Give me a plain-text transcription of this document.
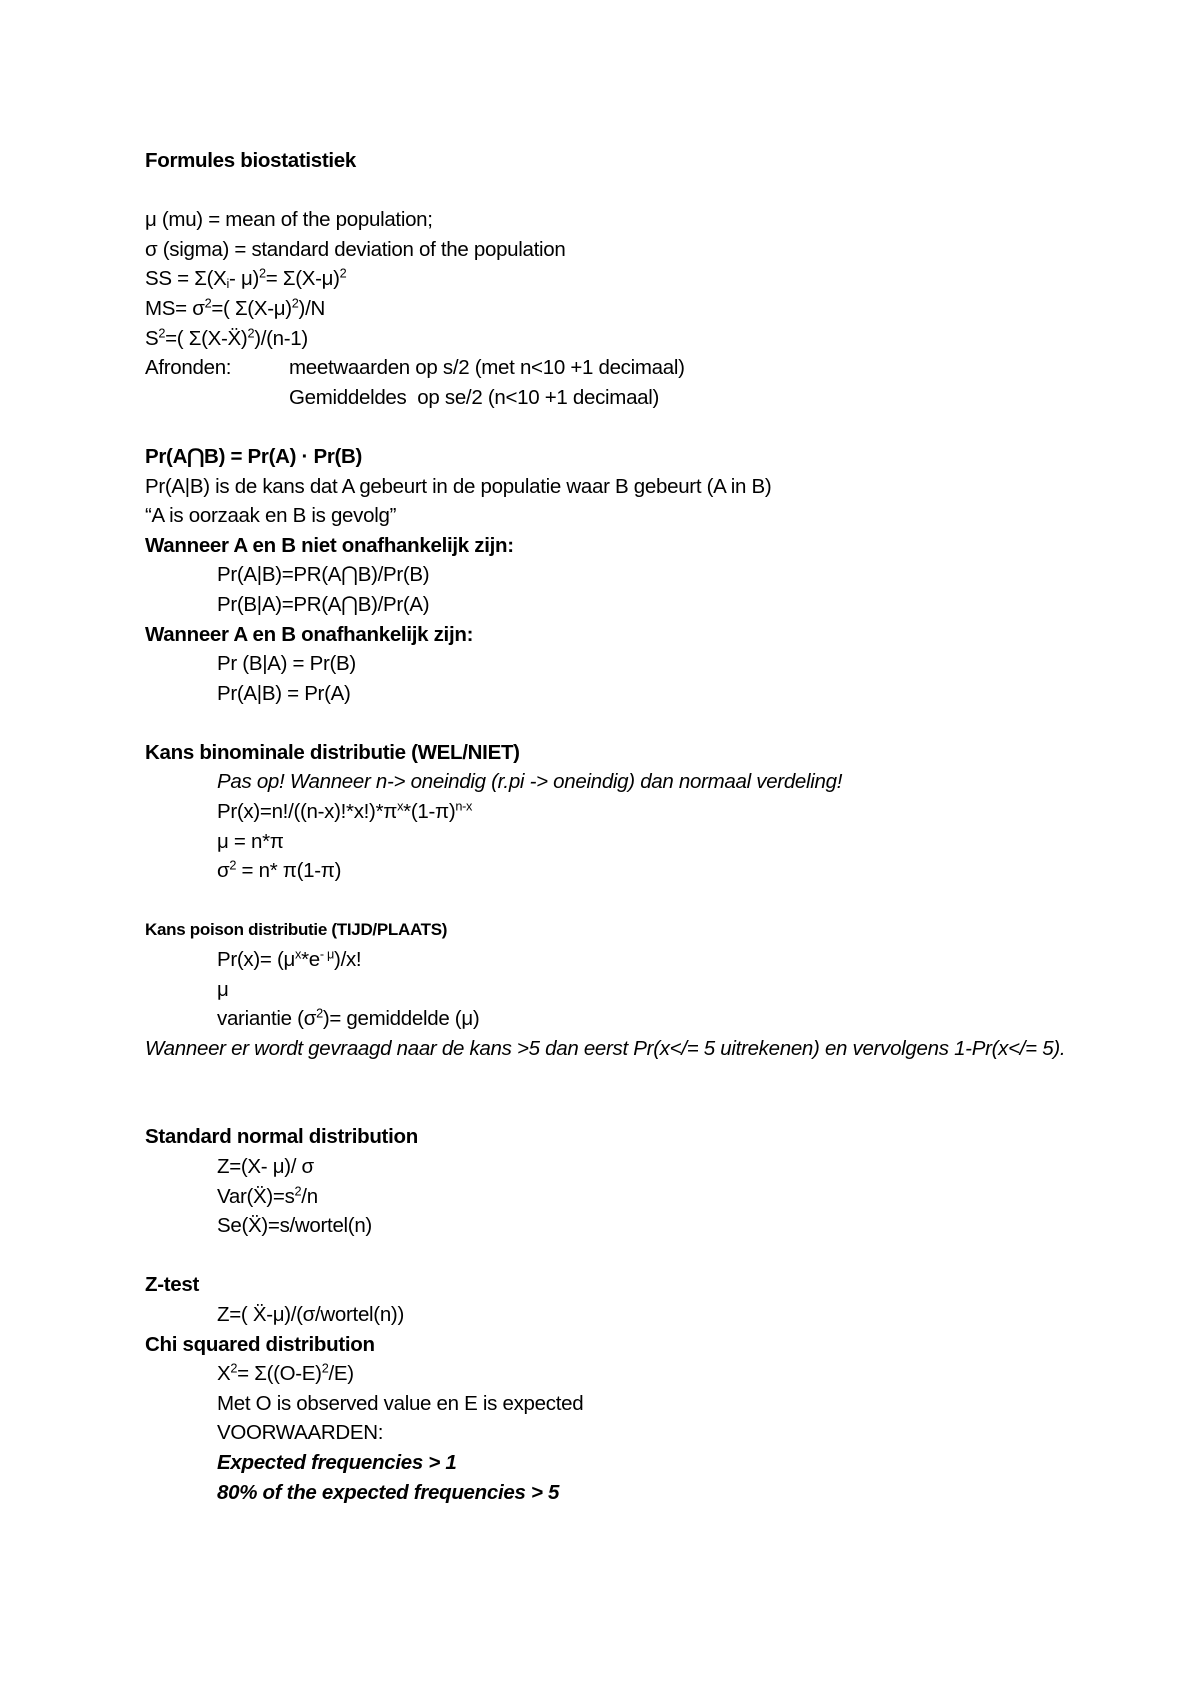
Formules biostatistiek
μ (mu) = mean of the population;
σ (sigma) = standard deviation of the population
SS = $\Sigma(X_i-$ $\mu)^2= \Sigma(X-\mu)^2$
$MS= \sigma^2=$( $\Sigma(X-\mu)^2)/N$
$S^2=$( Σ(X-Ẍ)$^2$)/(n-1)
Afronden:	meetwaarden op s/2 (met n<10 +1 decimaal)
Gemiddeldes  op se/2 (n<10 +1 decimaal)
Pr(A⋂B) = Pr(A) · Pr(B)
Pr(A|B) is de kans dat A gebeurt in de populatie waar B gebeurt (A in B)
“A is oorzaak en B is gevolg”
Wanneer A en B niet onafhankelijk zijn:
Pr(A|B)=PR(A⋂B)/Pr(B)
Pr(B|A)=PR(A⋂B)/Pr(A)
Wanneer A en B onafhankelijk zijn:
Pr (B|A) = Pr(B)
Pr(A|B) = Pr(A)
Kans binominale distributie (WEL/NIET)
Pas op! Wanneer n-> oneindig (r.pi -> oneindig) dan normaal verdeling!
$Pr(x)=n!/((n-x)!*x!)*\pi^x*(1-\pi)^{n-x}$
μ = n*π
$\sigma^2 = n*$ π(1-π)
Kans poison distributie (TIJD/PLAATS)
$Pr(x)= (\mu^x*e^{- \mu})/x$!
μ
variantie $(\sigma^2)=$ gemiddelde (μ)
Wanneer er wordt gevraagd naar de kans >5 dan eerst Pr(x</= 5 uitrekenen) en vervolgens 1-Pr(x</= 5).
Standard normal distribution
Z=(X- μ)/ σ
$Var(Ẍ)=s^2/n$
Se(Ẍ)=s/wortel(n)
Z-test
Z=( Ẍ-μ)/(σ/wortel(n))
Chi squared distribution
$X^2= \Sigma((O-E)^2/E)$
Met O is observed value en E is expected
VOORWAARDEN:
Expected frequencies > 1
80% of the expected frequencies > 5
